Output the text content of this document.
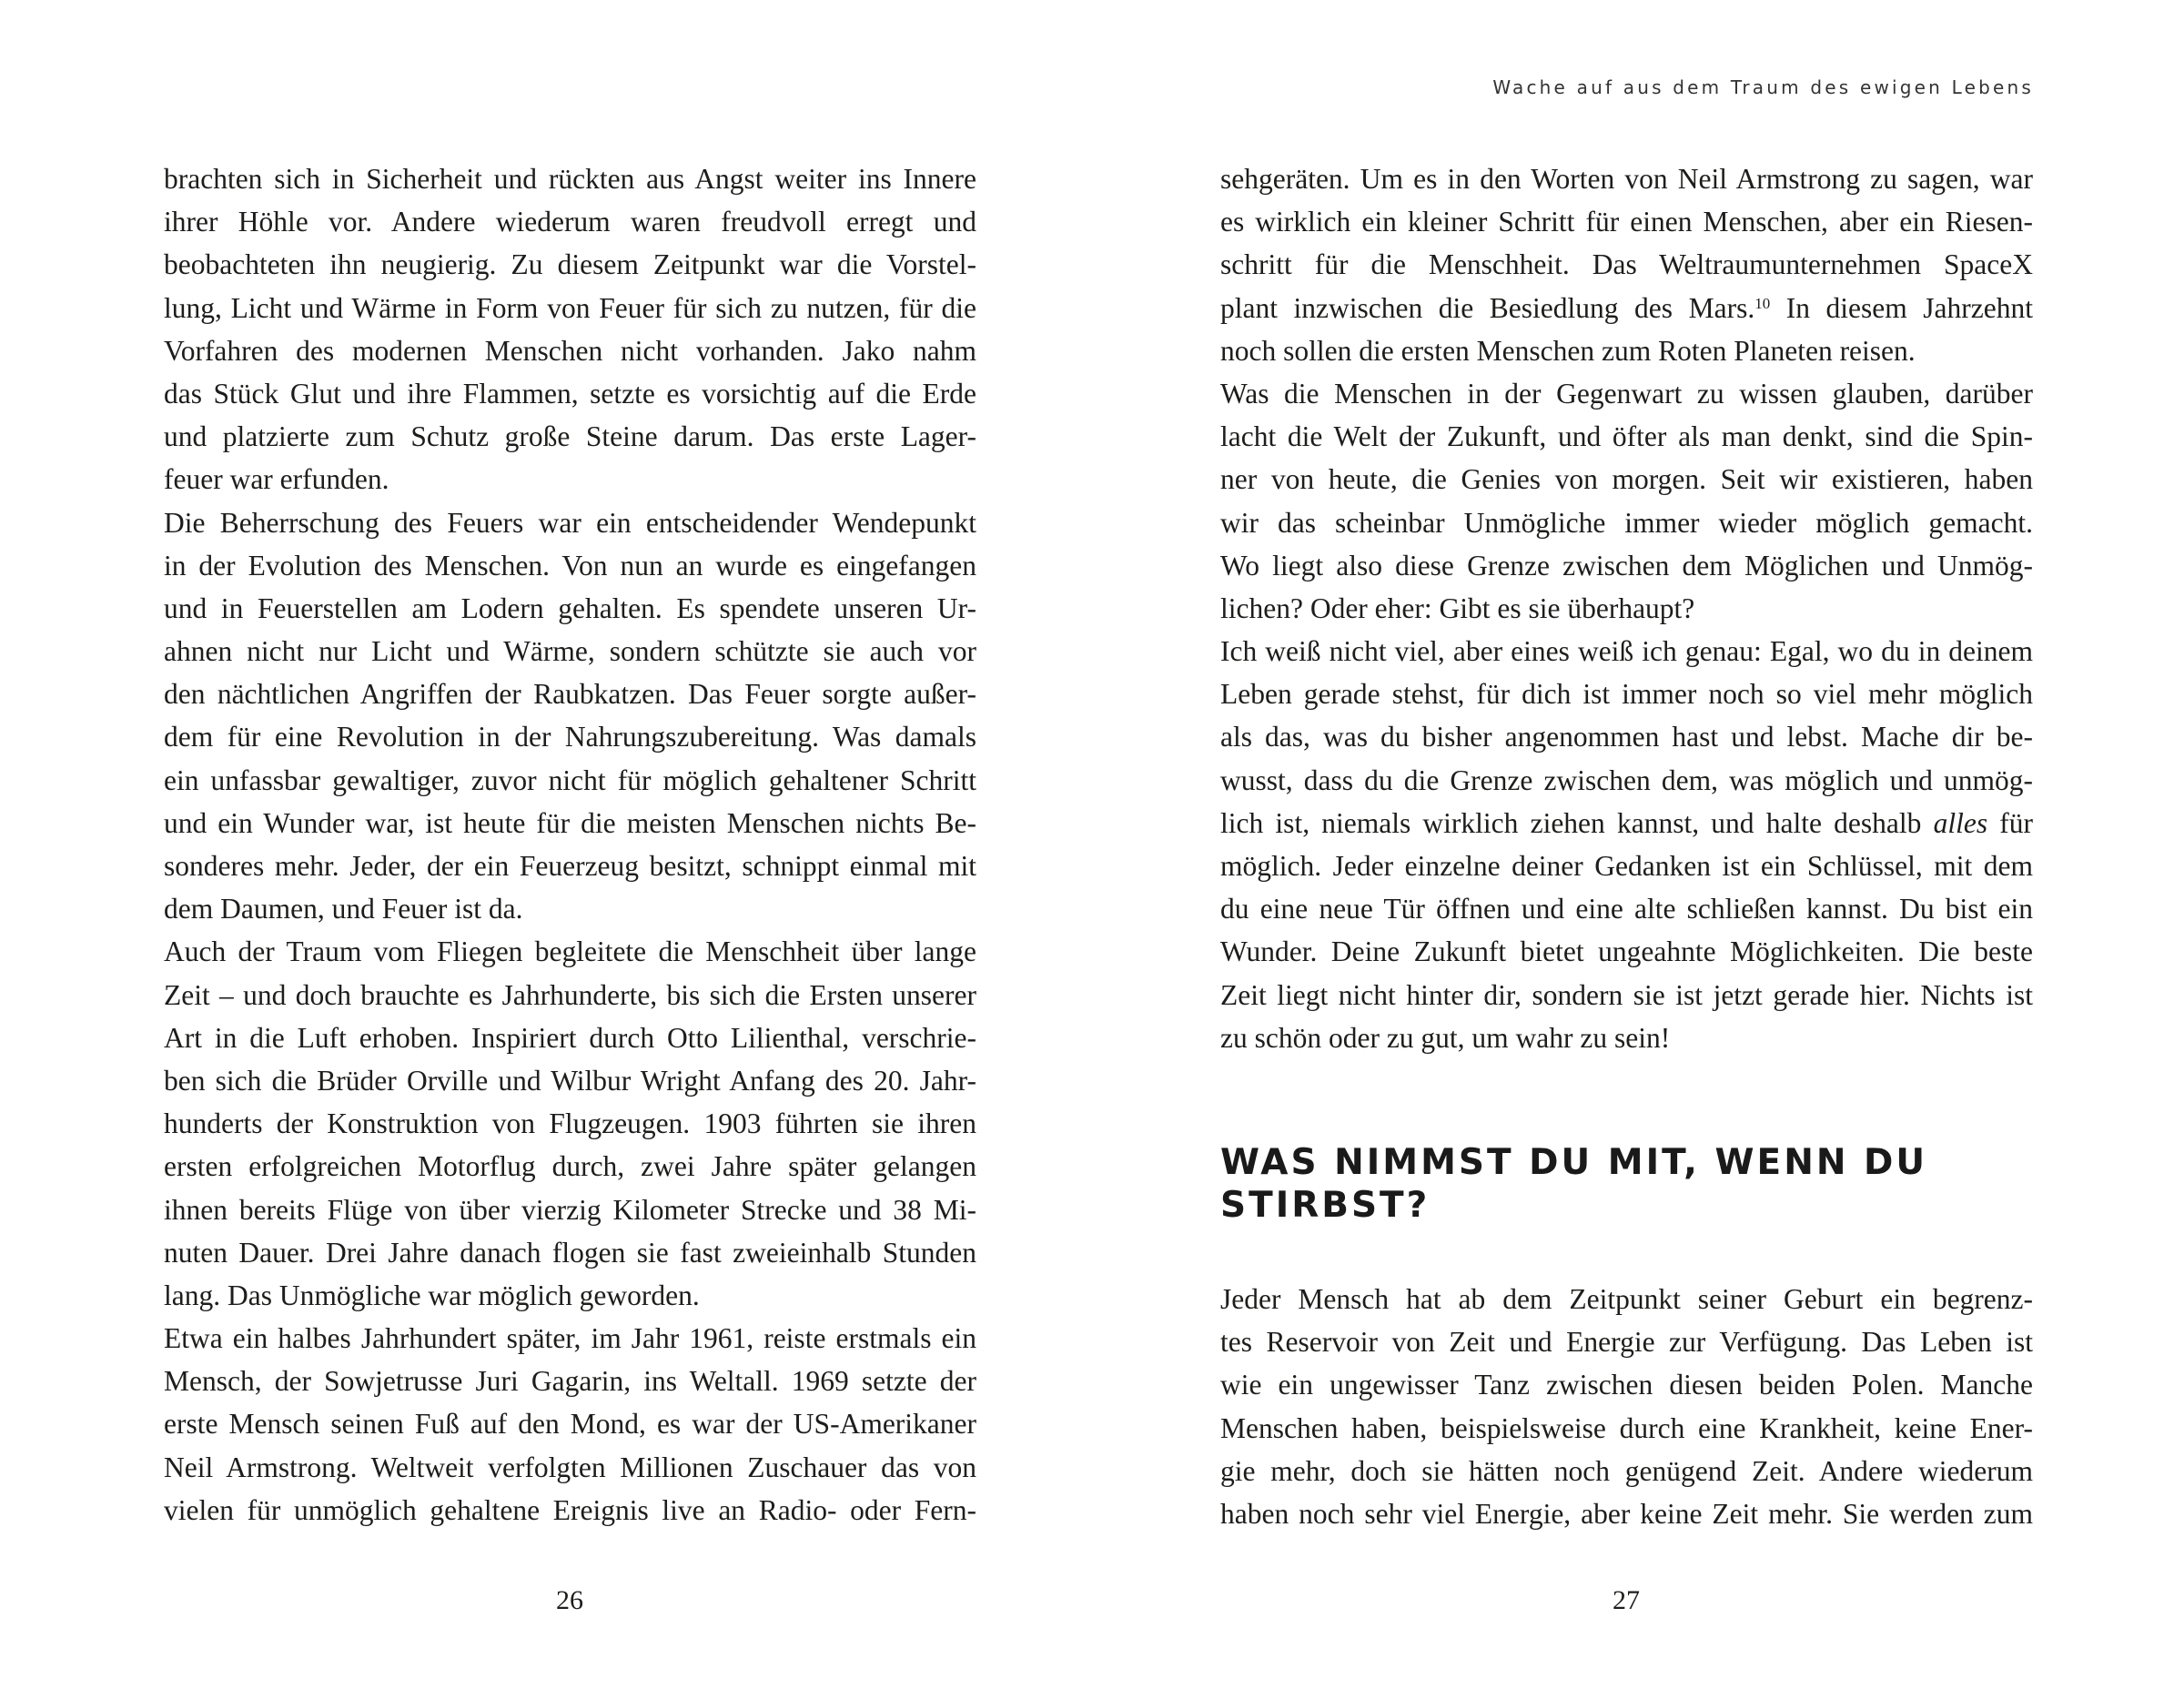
Wache auf aus dem Traum des ewigen Lebens
brachten sich in Sicherheit und rückten aus Angst weiter ins Innere
ihrer Höhle vor. Andere wiederum waren freudvoll erregt und
beobachteten ihn neugierig. Zu diesem Zeitpunkt war die Vorstel-
lung, Licht und Wärme in Form von Feuer für sich zu nutzen, für die
Vorfahren des modernen Menschen nicht vorhanden. Jako nahm
das Stück Glut und ihre Flammen, setzte es vorsichtig auf die Erde
und platzierte zum Schutz große Steine darum. Das erste Lager-
feuer war erfunden.
Die Beherrschung des Feuers war ein entscheidender Wendepunkt
in der Evolution des Menschen. Von nun an wurde es eingefangen
und in Feuerstellen am Lodern gehalten. Es spendete unseren Ur-
ahnen nicht nur Licht und Wärme, sondern schützte sie auch vor
den nächtlichen Angriffen der Raubkatzen. Das Feuer sorgte außer-
dem für eine Revolution in der Nahrungszubereitung. Was damals
ein unfassbar gewaltiger, zuvor nicht für möglich gehaltener Schritt
und ein Wunder war, ist heute für die meisten Menschen nichts Be-
sonderes mehr. Jeder, der ein Feuerzeug besitzt, schnippt einmal mit
dem Daumen, und Feuer ist da.
Auch der Traum vom Fliegen begleitete die Menschheit über lange
Zeit – und doch brauchte es Jahrhunderte, bis sich die Ersten unserer
Art in die Luft erhoben. Inspiriert durch Otto Lilienthal, verschrie-
ben sich die Brüder Orville und Wilbur Wright Anfang des 20. Jahr-
hunderts der Konstruktion von Flugzeugen. 1903 führten sie ihren
ersten erfolgreichen Motorflug durch, zwei Jahre später gelangen
ihnen bereits Flüge von über vierzig Kilometer Strecke und 38 Mi-
nuten Dauer. Drei Jahre danach flogen sie fast zweieinhalb Stunden
lang. Das Unmögliche war möglich geworden.
Etwa ein halbes Jahrhundert später, im Jahr 1961, reiste erstmals ein
Mensch, der Sowjetrusse Juri Gagarin, ins Weltall. 1969 setzte der
erste Mensch seinen Fuß auf den Mond, es war der US-Amerikaner
Neil Armstrong. Weltweit verfolgten Millionen Zuschauer das von
vielen für unmöglich gehaltene Ereignis live an Radio- oder Fern-
sehgeräten. Um es in den Worten von Neil Armstrong zu sagen, war
es wirklich ein kleiner Schritt für einen Menschen, aber ein Riesen-
schritt für die Menschheit. Das Weltraumunternehmen SpaceX
plant inzwischen die Besiedlung des Mars.$^{10}$ In diesem Jahrzehnt
noch sollen die ersten Menschen zum Roten Planeten reisen.
Was die Menschen in der Gegenwart zu wissen glauben, darüber
lacht die Welt der Zukunft, und öfter als man denkt, sind die Spin-
ner von heute, die Genies von morgen. Seit wir existieren, haben
wir das scheinbar Unmögliche immer wieder möglich gemacht.
Wo liegt also diese Grenze zwischen dem Möglichen und Unmög-
lichen? Oder eher: Gibt es sie überhaupt?
Ich weiß nicht viel, aber eines weiß ich genau: Egal, wo du in deinem
Leben gerade stehst, für dich ist immer noch so viel mehr möglich
als das, was du bisher angenommen hast und lebst. Mache dir be-
wusst, dass du die Grenze zwischen dem, was möglich und unmög-
lich ist, niemals wirklich ziehen kannst, und halte deshalb alles für
möglich. Jeder einzelne deiner Gedanken ist ein Schlüssel, mit dem
du eine neue Tür öffnen und eine alte schließen kannst. Du bist ein
Wunder. Deine Zukunft bietet ungeahnte Möglichkeiten. Die beste
Zeit liegt nicht hinter dir, sondern sie ist jetzt gerade hier. Nichts ist
zu schön oder zu gut, um wahr zu sein!
WAS NIMMST DU MIT, WENN DU
STIRBST?
Jeder Mensch hat ab dem Zeitpunkt seiner Geburt ein begrenz-
tes Reservoir von Zeit und Energie zur Verfügung. Das Leben ist
wie ein ungewisser Tanz zwischen diesen beiden Polen. Manche
Menschen haben, beispielsweise durch eine Krankheit, keine Ener-
gie mehr, doch sie hätten noch genügend Zeit. Andere wiederum
haben noch sehr viel Energie, aber keine Zeit mehr. Sie werden zum
26	27
